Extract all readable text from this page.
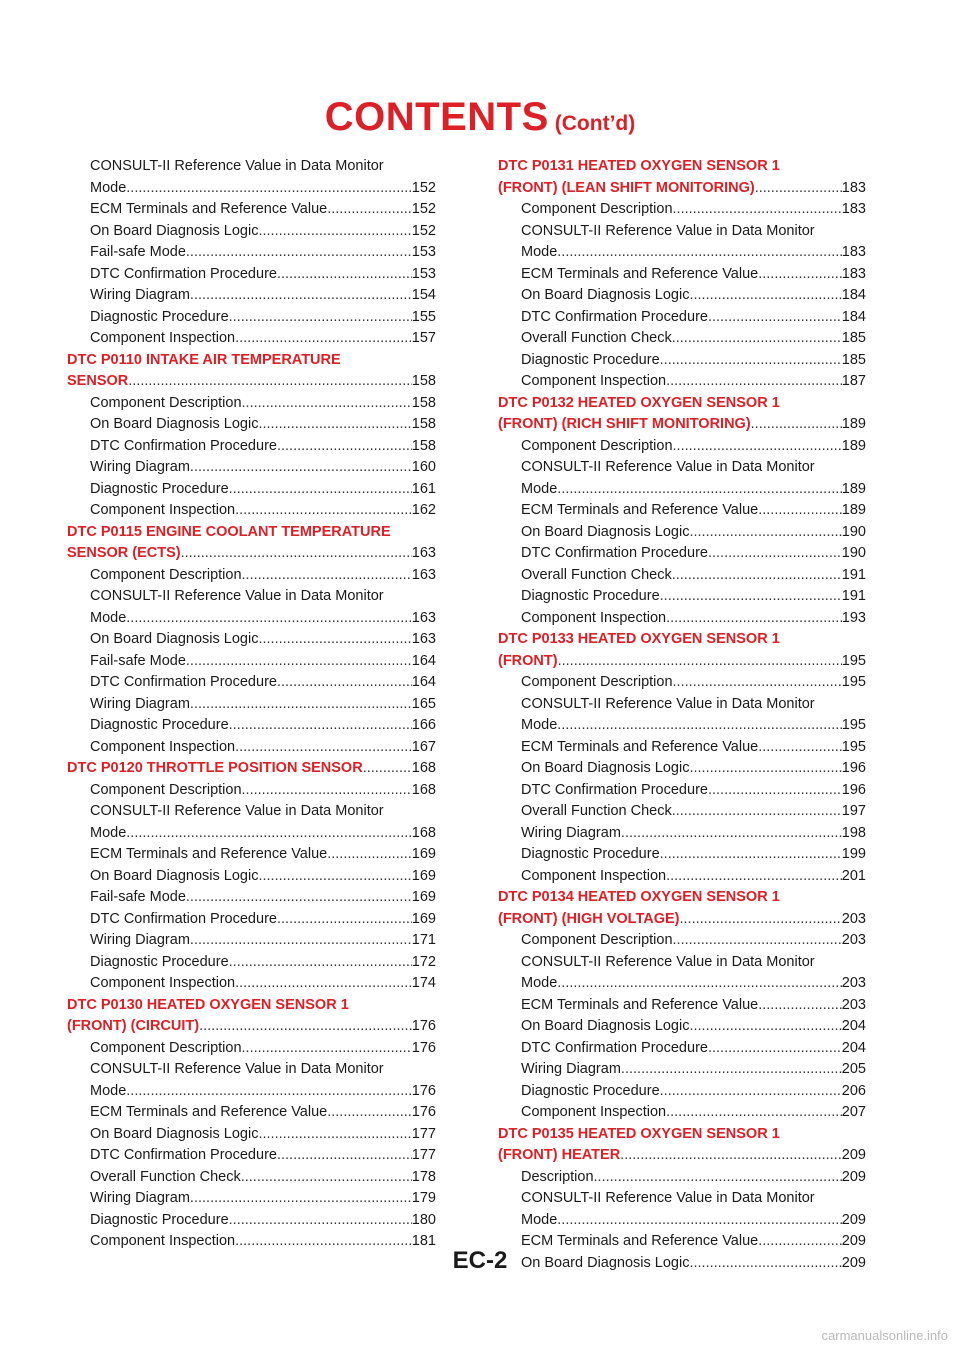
CONTENTS (Cont’d)
CONSULT-II Reference Value in Data Monitor
Mode .....	152
ECM Terminals and Reference Value .....	152
On Board Diagnosis Logic .....	152
Fail-safe Mode .....	153
DTC Confirmation Procedure .....	153
Wiring Diagram .....	154
Diagnostic Procedure .....	155
Component Inspection .....	157
DTC P0110 INTAKE AIR TEMPERATURE
SENSOR .....	158
Component Description .....	158
On Board Diagnosis Logic .....	158
DTC Confirmation Procedure .....	158
Wiring Diagram .....	160
Diagnostic Procedure .....	161
Component Inspection .....	162
DTC P0115 ENGINE COOLANT TEMPERATURE
SENSOR (ECTS) .....	163
Component Description .....	163
CONSULT-II Reference Value in Data Monitor
Mode .....	163
On Board Diagnosis Logic .....	163
Fail-safe Mode .....	164
DTC Confirmation Procedure .....	164
Wiring Diagram .....	165
Diagnostic Procedure .....	166
Component Inspection .....	167
DTC P0120 THROTTLE POSITION SENSOR .....	168
Component Description .....	168
CONSULT-II Reference Value in Data Monitor
Mode .....	168
ECM Terminals and Reference Value .....	169
On Board Diagnosis Logic .....	169
Fail-safe Mode .....	169
DTC Confirmation Procedure .....	169
Wiring Diagram .....	171
Diagnostic Procedure .....	172
Component Inspection .....	174
DTC P0130 HEATED OXYGEN SENSOR 1
(FRONT) (CIRCUIT) .....	176
Component Description .....	176
CONSULT-II Reference Value in Data Monitor
Mode .....	176
ECM Terminals and Reference Value .....	176
On Board Diagnosis Logic .....	177
DTC Confirmation Procedure .....	177
Overall Function Check .....	178
Wiring Diagram .....	179
Diagnostic Procedure .....	180
Component Inspection .....	181
DTC P0131 HEATED OXYGEN SENSOR 1
(FRONT) (LEAN SHIFT MONITORING) .....	183
Component Description .....	183
CONSULT-II Reference Value in Data Monitor
Mode .....	183
ECM Terminals and Reference Value .....	183
On Board Diagnosis Logic .....	184
DTC Confirmation Procedure .....	184
Overall Function Check .....	185
Diagnostic Procedure .....	185
Component Inspection .....	187
DTC P0132 HEATED OXYGEN SENSOR 1
(FRONT) (RICH SHIFT MONITORING) .....	189
Component Description .....	189
CONSULT-II Reference Value in Data Monitor
Mode .....	189
ECM Terminals and Reference Value .....	189
On Board Diagnosis Logic .....	190
DTC Confirmation Procedure .....	190
Overall Function Check .....	191
Diagnostic Procedure .....	191
Component Inspection .....	193
DTC P0133 HEATED OXYGEN SENSOR 1
(FRONT) .....	195
Component Description .....	195
CONSULT-II Reference Value in Data Monitor
Mode .....	195
ECM Terminals and Reference Value .....	195
On Board Diagnosis Logic .....	196
DTC Confirmation Procedure .....	196
Overall Function Check .....	197
Wiring Diagram .....	198
Diagnostic Procedure .....	199
Component Inspection .....	201
DTC P0134 HEATED OXYGEN SENSOR 1
(FRONT) (HIGH VOLTAGE) .....	203
Component Description .....	203
CONSULT-II Reference Value in Data Monitor
Mode .....	203
ECM Terminals and Reference Value .....	203
On Board Diagnosis Logic .....	204
DTC Confirmation Procedure .....	204
Wiring Diagram .....	205
Diagnostic Procedure .....	206
Component Inspection .....	207
DTC P0135 HEATED OXYGEN SENSOR 1
(FRONT) HEATER .....	209
Description .....	209
CONSULT-II Reference Value in Data Monitor
Mode .....	209
ECM Terminals and Reference Value .....	209
On Board Diagnosis Logic .....	209
EC-2
carmanualsonline.info
